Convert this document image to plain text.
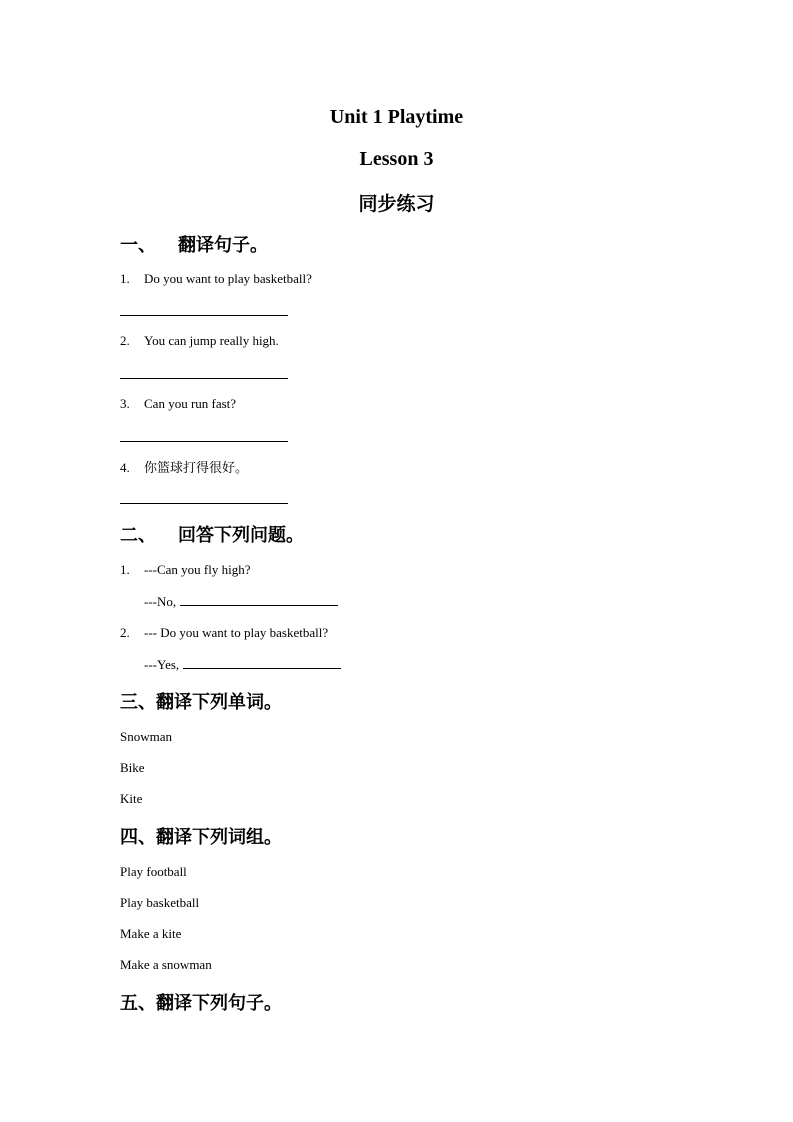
Unit 1 Playtime
Lesson 3
同步练习
一、 翻译句子。
1. Do you want to play basketball?
2. You can jump really high.
3. Can you run fast?
4. 你篮球打得很好。
二、 回答下列问题。
1. ---Can you fly high?
---No,
2. --- Do you want to play basketball?
---Yes,
三、翻译下列单词。
Snowman
Bike
Kite
四、翻译下列词组。
Play football
Play basketball
Make a kite
Make a snowman
五、翻译下列句子。
